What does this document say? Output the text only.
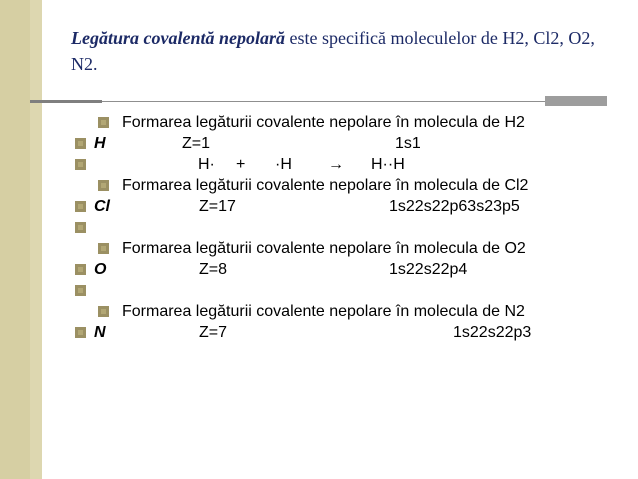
Legătura covalentă nepolară este specifică moleculelor de H2, Cl2, O2, N2.
Formarea legăturii covalente nepolare în molecula de H2
H	Z=1	1s1
H· + ·H → H··H
Formarea legăturii covalente nepolare în molecula de Cl2
Cl	Z=17	1s22s22p63s23p5
Formarea legăturii covalente nepolare în molecula de O2
O	Z=8	1s22s22p4
Formarea legăturii covalente nepolare în molecula de N2
N	Z=7	1s22s22p3
